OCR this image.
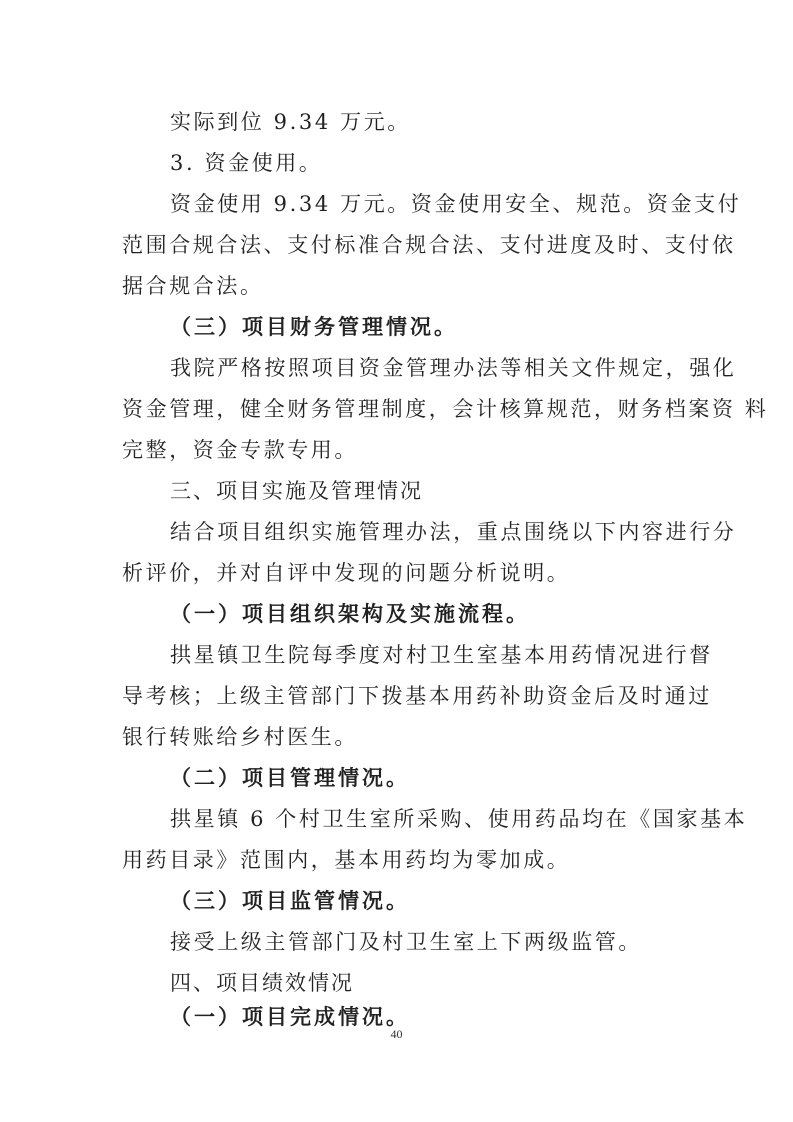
实际到位 9.34 万元。
3. 资金使用。
资金使用 9.34 万元。资金使用安全、规范。资金支付
范围合规合法、支付标准合规合法、支付进度及时、支付依
据合规合法。
（三）项目财务管理情况。
我院严格按照项目资金管理办法等相关文件规定，强化
资金管理，健全财务管理制度，会计核算规范，财务档案资 料
完整，资金专款专用。
三、项目实施及管理情况
结合项目组织实施管理办法，重点围绕以下内容进行分
析评价，并对自评中发现的问题分析说明。
（一）项目组织架构及实施流程。
拱星镇卫生院每季度对村卫生室基本用药情况进行督
导考核；上级主管部门下拨基本用药补助资金后及时通过
银行转账给乡村医生。
（二）项目管理情况。
拱星镇 6 个村卫生室所采购、使用药品均在《国家基本
用药目录》范围内，基本用药均为零加成。
（三）项目监管情况。
接受上级主管部门及村卫生室上下两级监管。
四、项目绩效情况
（一）项目完成情况。
40
